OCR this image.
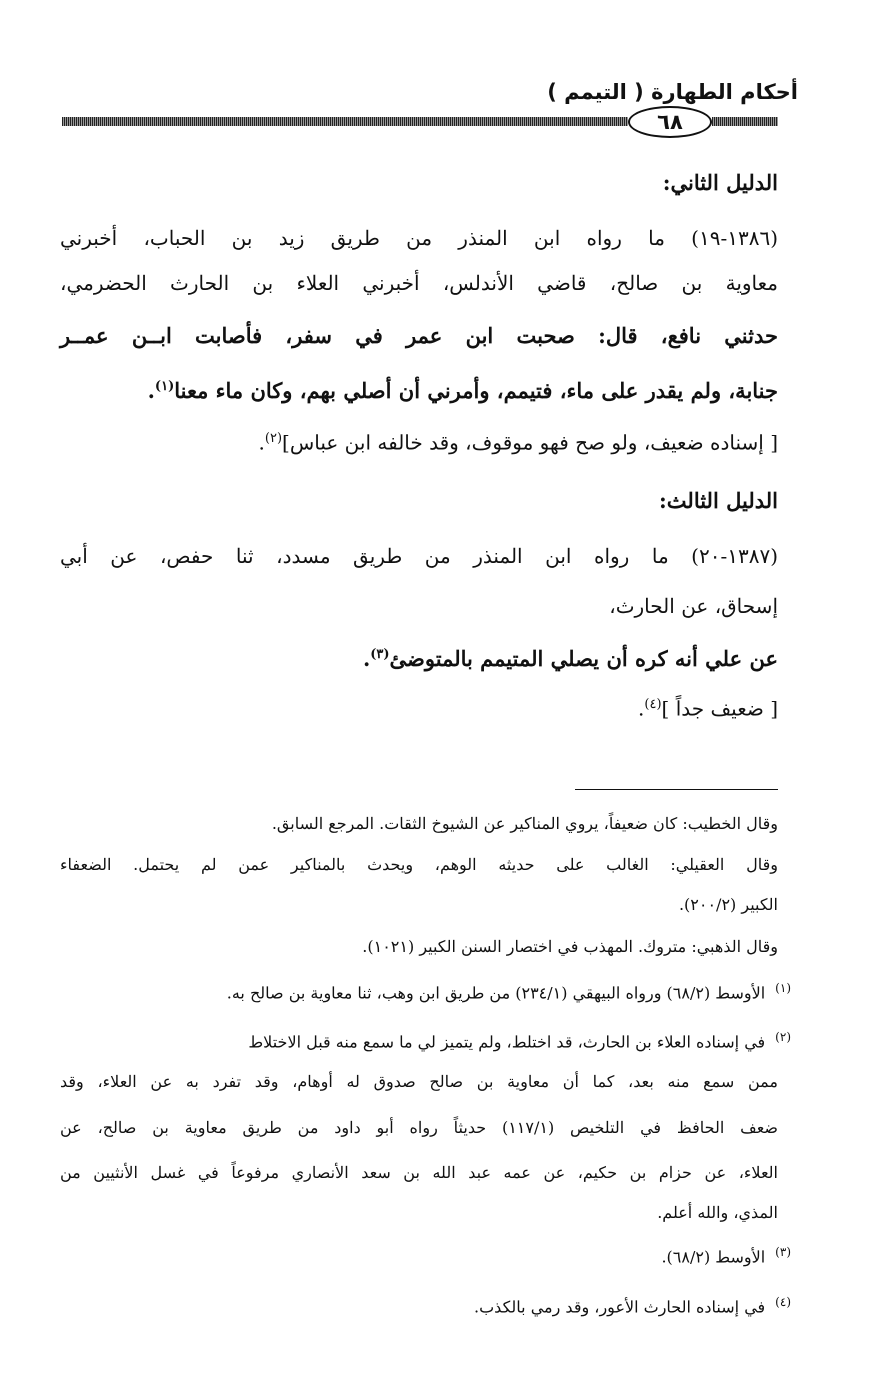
أحكام الطهارة ( التيمم )
٦٨
الدليل الثاني:
(١٣٨٦-١٩) ما رواه ابن المنذر من طريق زيد بن الحباب، أخبرني
معاوية بن صالح، قاضي الأندلس، أخبرني العلاء بن الحارث الحضرمي،
حدثني نافع، قال: صحبت ابن عمر في سفر، فأصابت ابــن عمــر
جنابة، ولم يقدر على ماء، فتيمم، وأمرني أن أصلي بهم، وكان ماء معنا$^{(١)}$.
[ إسناده ضعيف، ولو صح فهو موقوف، وقد خالفه ابن عباس]$^{(٢)}$.
الدليل الثالث:
(١٣٨٧-٢٠) ما رواه ابن المنذر من طريق مسدد، ثنا حفص، عن أبي
إسحاق، عن الحارث،
عن علي أنه كره أن يصلي المتيمم بالمتوضئ$^{(٣)}$.
[ ضعيف جداً ]$^{(٤)}$.
وقال الخطيب: كان ضعيفاً، يروي المناكير عن الشيوخ الثقات. المرجع السابق.
وقال العقيلي: الغالب على حديثه الوهم، ويحدث بالمناكير عمن لم يحتمل. الضعفاء
الكبير (٢٠٠/٢).
وقال الذهبي: متروك. المهذب في اختصار السنن الكبير (١٠٢١).
$^{(١)}$الأوسط (٦٨/٢) ورواه البيهقي (٢٣٤/١) من طريق ابن وهب، ثنا معاوية بن صالح به.
$^{(٢)}$في إسناده العلاء بن الحارث، قد اختلط، ولم يتميز لي ما سمع منه قبل الاختلاط
ممن سمع منه بعد، كما أن معاوية بن صالح صدوق له أوهام، وقد تفرد به عن العلاء، وقد
ضعف الحافظ في التلخيص (١١٧/١) حديثاً رواه أبو داود من طريق معاوية بن صالح، عن
العلاء، عن حزام بن حكيم، عن عمه عبد الله بن سعد الأنصاري مرفوعاً في غسل الأنثيين من
المذي، والله أعلم.
$^{(٣)}$الأوسط (٦٨/٢).
$^{(٤)}$في إسناده الحارث الأعور، وقد رمي بالكذب.
